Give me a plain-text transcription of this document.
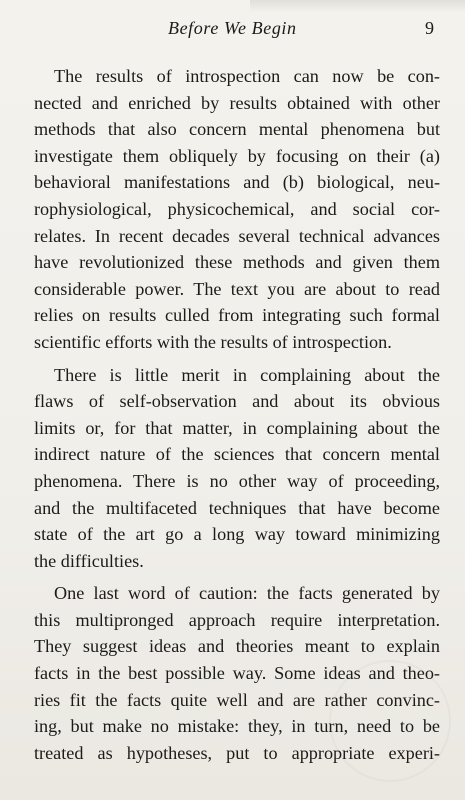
Before We Begin	9
The results of introspection can now be con-
nected and enriched by results obtained with other
methods that also concern mental phenomena but
investigate them obliquely by focusing on their (a)
behavioral manifestations and (b) biological, neu-
rophysiological, physicochemical, and social cor-
relates. In recent decades several technical advances
have revolutionized these methods and given them
considerable power. The text you are about to read
relies on results culled from integrating such formal
scientific efforts with the results of introspection.
There is little merit in complaining about the
flaws of self-observation and about its obvious
limits or, for that matter, in complaining about the
indirect nature of the sciences that concern mental
phenomena. There is no other way of proceeding,
and the multifaceted techniques that have become
state of the art go a long way toward minimizing
the difficulties.
One last word of caution: the facts generated by
this multipronged approach require interpretation.
They suggest ideas and theories meant to explain
facts in the best possible way. Some ideas and theo-
ries fit the facts quite well and are rather convinc-
ing, but make no mistake: they, in turn, need to be
treated as hypotheses, put to appropriate experi-
